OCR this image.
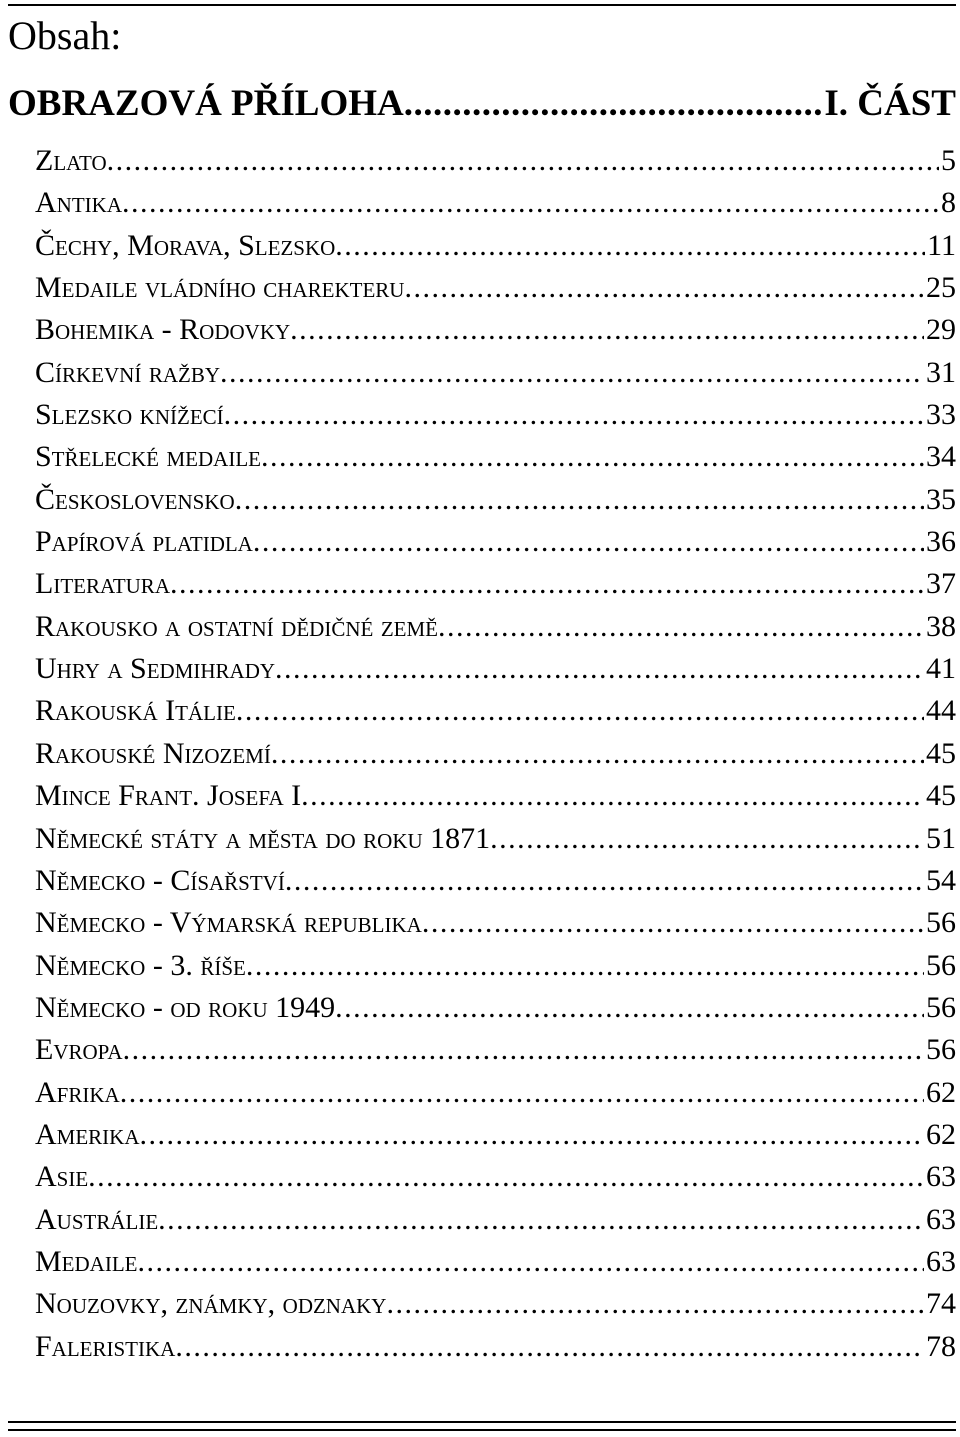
Obsah:
OBRAZOVÁ PŘÍLOHA .....	I. ČÁST
Zlato .....	5
Antika .....	8
Čechy, Morava, Slezsko .....	11
Medaile vládního charekteru .....	25
Bohemika - Rodovky .....	29
Církevní ražby .....	31
Slezsko knížecí .....	33
Střelecké medaile .....	34
Československo .....	35
Papírová platidla .....	36
Literatura .....	37
Rakousko a ostatní dědičné země .....	38
Uhry a Sedmihrady .....	41
Rakouská Itálie .....	44
Rakouské Nizozemí .....	45
Mince Frant. Josefa I .....	45
Německé státy a města do roku 1871 .....	51
Německo - Císařství .....	54
Německo - Výmarská republika .....	56
Německo - 3. říše .....	56
Německo - od roku 1949 .....	56
Evropa .....	56
Afrika .....	62
Amerika .....	62
Asie .....	63
Austrálie .....	63
Medaile .....	63
Nouzovky, známky, odznaky .....	74
Faleristika .....	78
